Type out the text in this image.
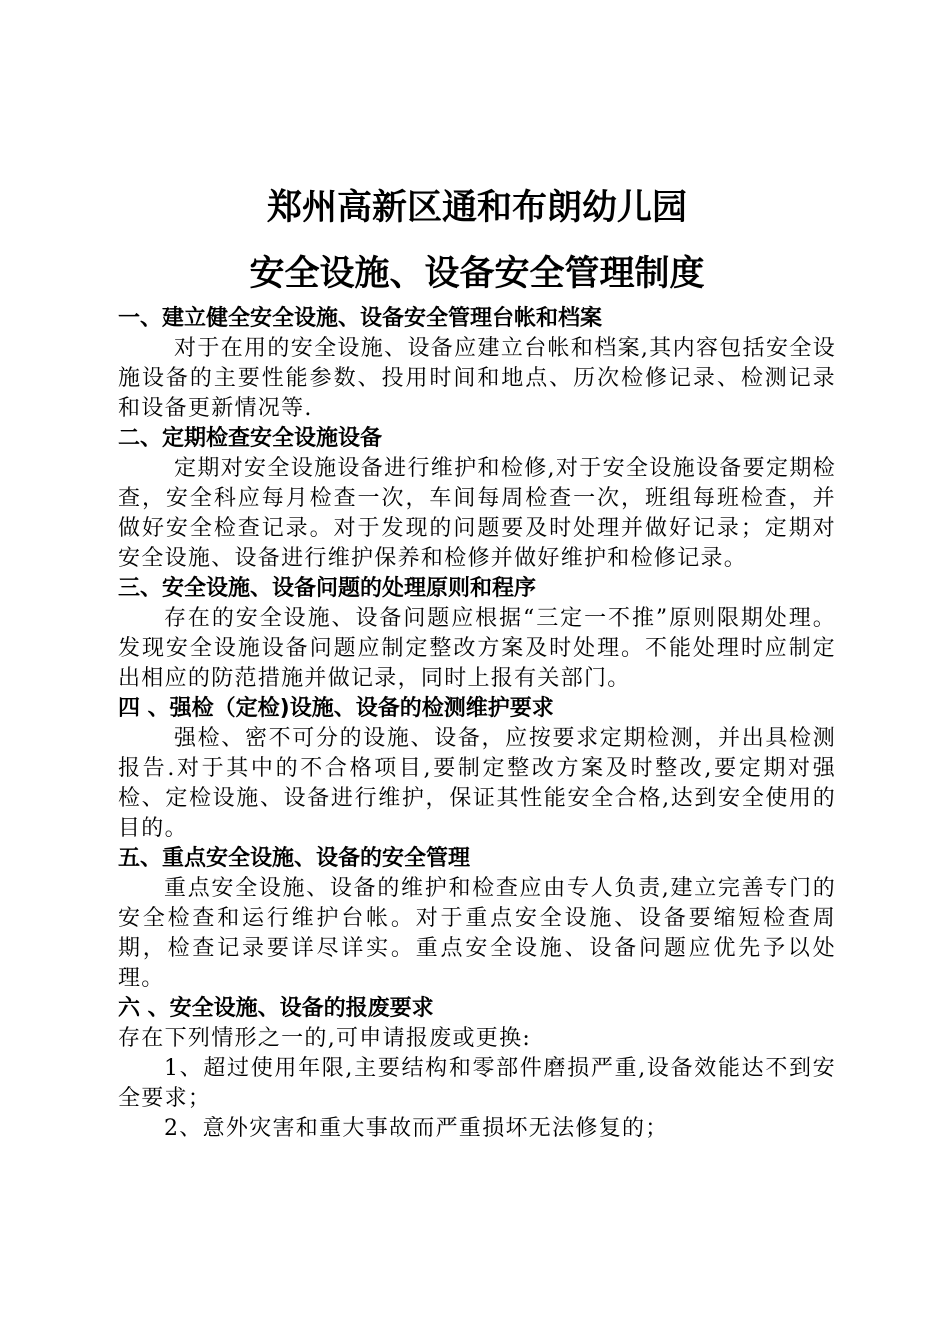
郑州高新区通和布朗幼儿园
安全设施、设备安全管理制度
一、建立健全安全设施、设备安全管理台帐和档案

对于在用的安全设施、设备应建立台帐和档案,其内容包括安全设施设备的主要性能参数、投用时间和地点、历次检修记录、检测记录和设备更新情况等.

二、定期检查安全设施设备

定期对安全设施设备进行维护和检修,对于安全设施设备要定期检查，安全科应每月检查一次，车间每周检查一次，班组每班检查，并做好安全检查记录。对于发现的问题要及时处理并做好记录；定期对安全设施、设备进行维护保养和检修并做好维护和检修记录。

三、安全设施、设备问题的处理原则和程序

存在的安全设施、设备问题应根据“三定一不推”原则限期处理。发现安全设施设备问题应制定整改方案及时处理。不能处理时应制定出相应的防范措施并做记录，同时上报有关部门。

四 、强检（定检)设施、设备的检测维护要求

强检、密不可分的设施、设备，应按要求定期检测，并出具检测报告.对于其中的不合格项目,要制定整改方案及时整改,要定期对强检、定检设施、设备进行维护，保证其性能安全合格,达到安全使用的目的。

五、重点安全设施、设备的安全管理

重点安全设施、设备的维护和检查应由专人负责,建立完善专门的安全检查和运行维护台帐。对于重点安全设施、设备要缩短检查周期，检查记录要详尽详实。重点安全设施、设备问题应优先予以处理。

六 、安全设施、设备的报废要求

存在下列情形之一的,可申请报废或更换:

1、超过使用年限,主要结构和零部件磨损严重,设备效能达不到安全要求；

2、意外灾害和重大事故而严重损坏无法修复的；
